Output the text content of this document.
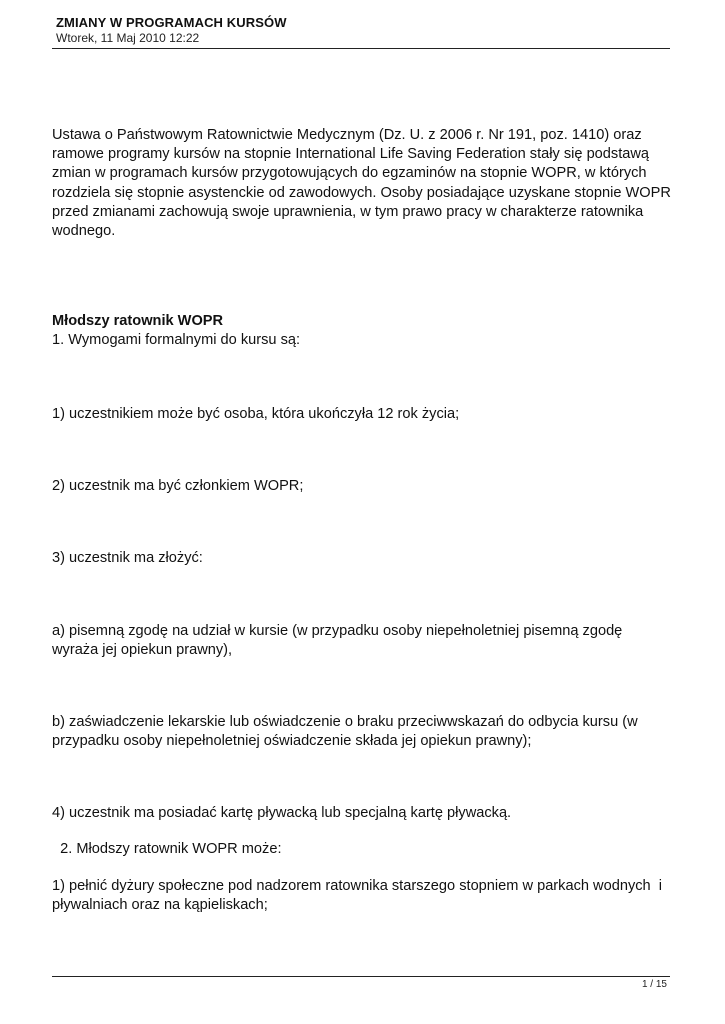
ZMIANY W PROGRAMACH KURSÓW
Wtorek, 11 Maj 2010 12:22
Ustawa o Państwowym Ratownictwie Medycznym (Dz. U. z 2006 r. Nr 191, poz. 1410) oraz
ramowe programy kursów na stopnie International Life Saving Federation stały się podstawą
zmian w programach kursów przygotowujących do egzaminów na stopnie WOPR, w których
rozdziela się stopnie asystenckie od zawodowych. Osoby posiadające uzyskane stopnie WOPR
przed zmianami zachowują swoje uprawnienia, w tym prawo pracy w charakterze ratownika
wodnego.
Młodszy ratownik WOPR
1. Wymogami formalnymi do kursu są:
1) uczestnikiem może być osoba, która ukończyła 12 rok życia;
2) uczestnik ma być członkiem WOPR;
3) uczestnik ma złożyć:
a) pisemną zgodę na udział w kursie (w przypadku osoby niepełnoletniej pisemną zgodę
wyraża jej opiekun prawny),
b) zaświadczenie lekarskie lub oświadczenie o braku przeciwwskazań do odbycia kursu (w
przypadku osoby niepełnoletniej oświadczenie składa jej opiekun prawny);
4) uczestnik ma posiadać kartę pływacką lub specjalną kartę pływacką.
2. Młodszy ratownik WOPR może:
1) pełnić dyżury społeczne pod nadzorem ratownika starszego stopniem w parkach wodnych  i
pływalniach oraz na kąpieliskach;
1 / 15
